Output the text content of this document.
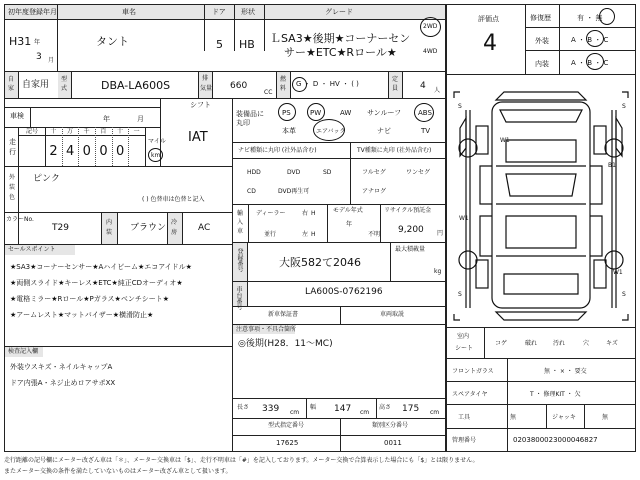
初年度登録年月	車名	ドア 形状	グレード
H31 年
3 月
タント	5 HB ＬSA3★後期★コーナーセン
サー★ETC★Rロール★
2WD
4WD
自
家 自家用
型
式	DBA-LA600S
排
気量 660
CC
燃
料
G ・ D ・ HV ・ ( )
定
員 4 人
車検	年	月
シフト
IAT
走
行
記号 十 万 千 百 十 一
2 4 0 0 0
マイル
km
外
装
色
ピンク
( ) 色替車は色替と記入
カラーNo.
T29
内
装 ブラウン
冷
房 AC
セールスポイント
★SA3★コーナーセンサー★Aハイビーム★エコアイドル★
★両側スライド★キーレス★ETC★純正CDオーディオ★
★電格ミラー★Rロール★Pガラス★ベンチシート★
★アームレスト★マットバイザー★横滑防止★
検査記入欄
外装ウスキズ・ネイルキャップA
ドア内張A・ネジ止めロアサポXX
装備品に
丸印
PS	PW	AW サンルーフ ABS
本革	エアバック	ナビ	TV
ナビ種類に丸印 (社外品含む)	TV種類に丸印 (社外品含む)
HDD	DVD	SD
CD	DVD再生可
フルセグ	ワンセグ
アナログ
輸
入
車
ディーラー
並行
右 H
左 H
モデル年式
年
不明
リサイクル預託金
9,200 円
登録番号	大阪582て2046
最大積載量
kg
車台番号	LA600S-0762196
新車保証書	車両取説
注意事項・不具合箇所
◎後期(H28．11～MC)
長さ 339 cm
幅 147 cm
高さ 175 cm
型式指定番号
17625
類別区分番号
0011
評価点
4
修復歴
外装
内装
有 ・ 無
A ・ B ・ C
A ・ B ・ C
W1
W1
W1
B1
S	S
S	S
室内
シート
コゲ	破れ	汚れ	穴	キズ
フロントガラス	無 ・ × ・ 要交
スペアタイヤ	T ・ 修理KIT ・ 欠
工具	無	ジャッキ	無
管理番号	0203800023000046827
走行距離の記号欄にメーター改ざん車は「＊」、メーター交換車は「$」、走行不明車は「#」を記入しております。メーター交換で合算表示した場合にも「$」とは限りません。
またメーター交換の条件を満たしていないものはメーター改ざん車として扱います。
